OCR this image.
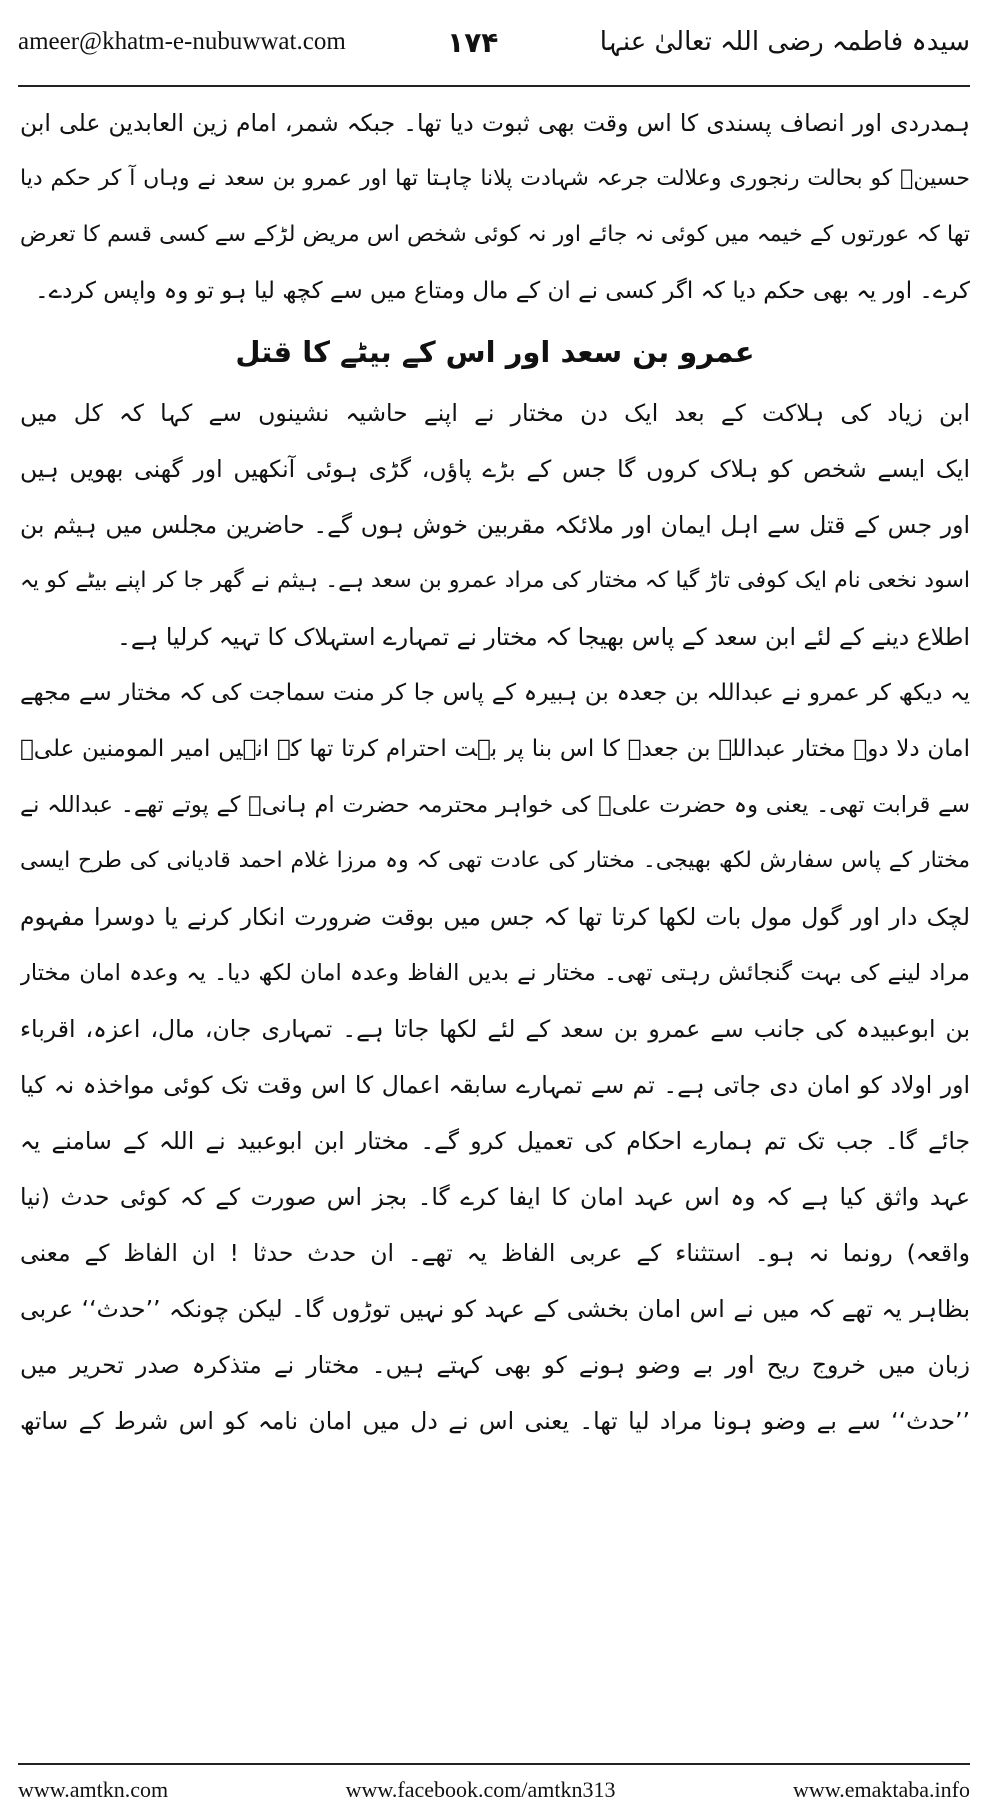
ameer@khatm-e-nubuwwat.com	۱۷۴	سیدہ فاطمہ رضی اللہ تعالیٰ عنہا
ہمدردی اور انصاف پسندی کا اس وقت بھی ثبوت دیا تھا۔ جبکہ شمر، امام زین العابدین علی ابن
حسینؓ کو بحالت رنجوری وعلالت جرعہ شہادت پلانا چاہتا تھا اور عمرو بن سعد نے وہاں آ کر حکم دیا
تھا کہ عورتوں کے خیمہ میں کوئی نہ جائے اور نہ کوئی شخص اس مریض لڑکے سے کسی قسم کا تعرض
کرے۔ اور یہ بھی حکم دیا کہ اگر کسی نے ان کے مال ومتاع میں سے کچھ لیا ہو تو وہ واپس کردے۔
عمرو بن سعد اور اس کے بیٹے کا قتل
ابن زیاد کی ہلاکت کے بعد ایک دن مختار نے اپنے حاشیہ نشینوں سے کہا کہ کل میں
ایک ایسے شخص کو ہلاک کروں گا جس کے بڑے پاؤں، گڑی ہوئی آنکھیں اور گھنی بھویں ہیں
اور جس کے قتل سے اہل ایمان اور ملائکہ مقربین خوش ہوں گے۔ حاضرین مجلس میں ہیثم بن
اسود نخعی نام ایک کوفی تاڑ گیا کہ مختار کی مراد عمرو بن سعد ہے۔ ہیثم نے گھر جا کر اپنے بیٹے کو یہ
اطلاع دینے کے لئے ابن سعد کے پاس بھیجا کہ مختار نے تمہارے استہلاک کا تہیہ کرلیا ہے۔
یہ دیکھ کر عمرو نے عبداللہ بن جعدہ بن ہبیرہ کے پاس جا کر منت سماجت کی کہ مختار سے مجھے
امان دلا دو۔ مختار عبداللہ بن جعدہ کا اس بنا پر بہت احترام کرتا تھا کہ انہیں امیر المومنین علیؓ
سے قرابت تھی۔ یعنی وہ حضرت علیؓ کی خواہر محترمہ حضرت ام ہانیؓ کے پوتے تھے۔ عبداللہ نے
مختار کے پاس سفارش لکھ بھیجی۔ مختار کی عادت تھی کہ وہ مرزا غلام احمد قادیانی کی طرح ایسی
لچک دار اور گول مول بات لکھا کرتا تھا کہ جس میں بوقت ضرورت انکار کرنے یا دوسرا مفہوم
مراد لینے کی بہت گنجائش رہتی تھی۔ مختار نے بدیں الفاظ وعدہ امان لکھ دیا۔ یہ وعدہ امان مختار
بن ابوعبیدہ کی جانب سے عمرو بن سعد کے لئے لکھا جاتا ہے۔ تمہاری جان، مال، اعزہ، اقرباء
اور اولاد کو امان دی جاتی ہے۔ تم سے تمہارے سابقہ اعمال کا اس وقت تک کوئی مواخذہ نہ کیا
جائے گا۔ جب تک تم ہمارے احکام کی تعمیل کرو گے۔ مختار ابن ابوعبید نے اللہ کے سامنے یہ
عہد واثق کیا ہے کہ وہ اس عہد امان کا ایفا کرے گا۔ بجز اس صورت کے کہ کوئی حدث (نیا
واقعہ) رونما نہ ہو۔ استثناء کے عربی الفاظ یہ تھے۔ ان حدث حدثا ! ان الفاظ کے معنی
بظاہر یہ تھے کہ میں نے اس امان بخشی کے عہد کو نہیں توڑوں گا۔ لیکن چونکہ ’’حدث‘‘ عربی
زبان میں خروج ریح اور بے وضو ہونے کو بھی کہتے ہیں۔ مختار نے متذکرہ صدر تحریر میں
’’حدث‘‘ سے بے وضو ہونا مراد لیا تھا۔ یعنی اس نے دل میں امان نامہ کو اس شرط کے ساتھ
www.amtkn.com	www.facebook.com/amtkn313	www.emaktaba.info
